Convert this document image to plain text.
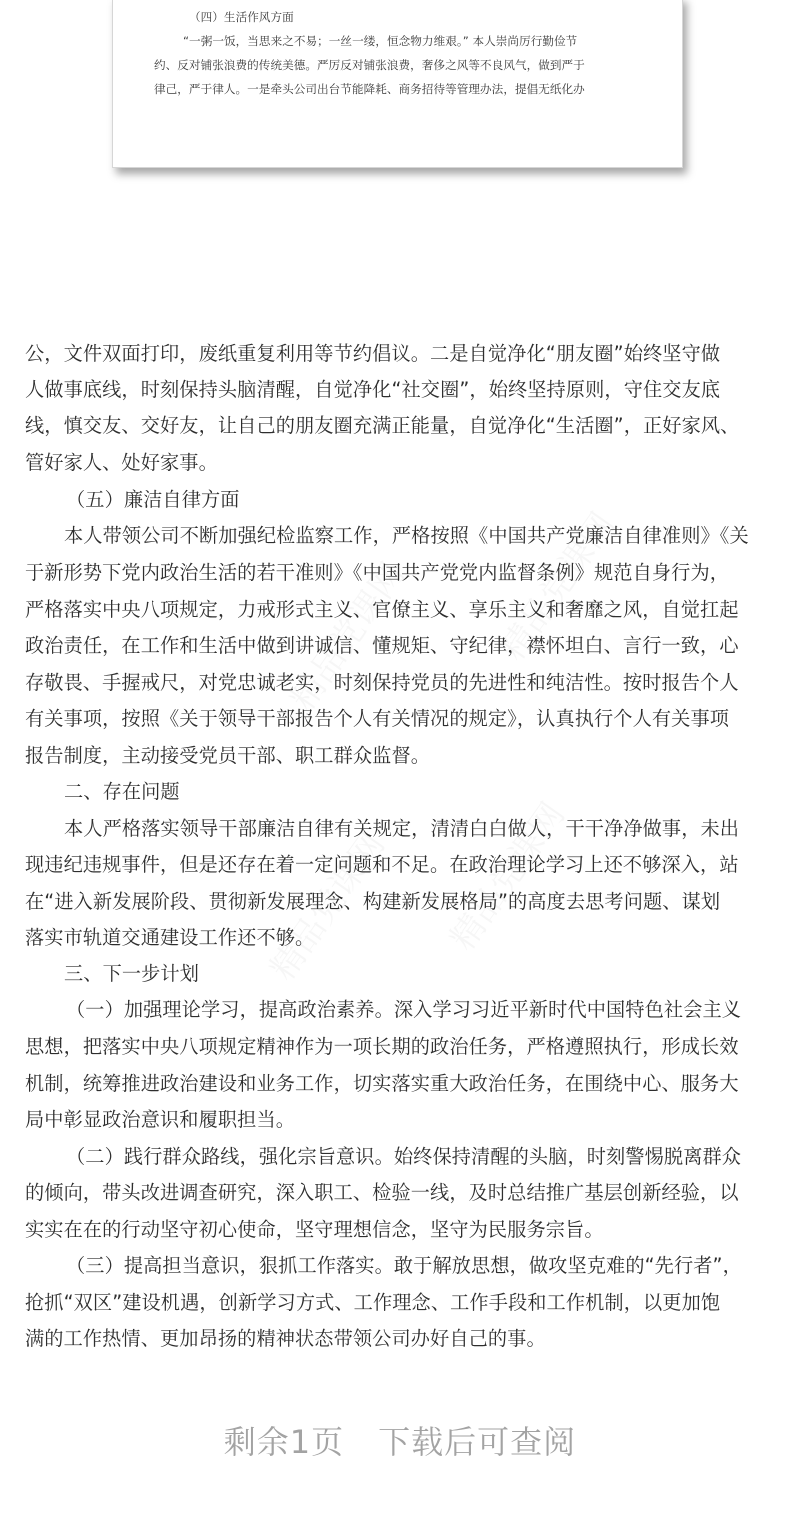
（四）生活作风方面
“一粥一饭，当思来之不易；一丝一缕，恒念物力维艰。” 本人崇尚厉行勤俭节
约、反对铺张浪费的传统美德。严厉反对铺张浪费，奢侈之风等不良风气，做到严于
律己，严于律人。一是牵头公司出台节能降耗、商务招待等管理办法，提倡无纸化办
公，文件双面打印，废纸重复利用等节约倡议。二是自觉净化“朋友圈”始终坚守做
人做事底线，时刻保持头脑清醒，自觉净化“社交圈”，始终坚持原则，守住交友底
线，慎交友、交好友，让自己的朋友圈充满正能量，自觉净化“生活圈”，正好家风、
管好家人、处好家事。
（五）廉洁自律方面
本人带领公司不断加强纪检监察工作，严格按照《中国共产党廉洁自律准则》《关
于新形势下党内政治生活的若干准则》《中国共产党党内监督条例》规范自身行为，
严格落实中央八项规定，力戒形式主义、官僚主义、享乐主义和奢靡之风，自觉扛起
政治责任，在工作和生活中做到讲诚信、懂规矩、守纪律，襟怀坦白、言行一致，心
存敬畏、手握戒尺，对党忠诚老实，时刻保持党员的先进性和纯洁性。按时报告个人
有关事项，按照《关于领导干部报告个人有关情况的规定》，认真执行个人有关事项
报告制度，主动接受党员干部、职工群众监督。
二、存在问题
本人严格落实领导干部廉洁自律有关规定，清清白白做人，干干净净做事，未出
现违纪违规事件，但是还存在着一定问题和不足。在政治理论学习上还不够深入，站
在“进入新发展阶段、贯彻新发展理念、构建新发展格局”的高度去思考问题、谋划
落实市轨道交通建设工作还不够。
三、下一步计划
（一）加强理论学习，提高政治素养。深入学习习近平新时代中国特色社会主义
思想，把落实中央八项规定精神作为一项长期的政治任务，严格遵照执行，形成长效
机制，统筹推进政治建设和业务工作，切实落实重大政治任务，在围绕中心、服务大
局中彰显政治意识和履职担当。
（二）践行群众路线，强化宗旨意识。始终保持清醒的头脑，时刻警惕脱离群众
的倾向，带头改进调查研究，深入职工、检验一线，及时总结推广基层创新经验，以
实实在在的行动坚守初心使命，坚守理想信念，坚守为民服务宗旨。
（三）提高担当意识，狠抓工作落实。敢于解放思想，做攻坚克难的“先行者”，
抢抓“双区”建设机遇，创新学习方式、工作理念、工作手段和工作机制，以更加饱
满的工作热情、更加昂扬的精神状态带领公司办好自己的事。
剩余1页 下载后可查阅
